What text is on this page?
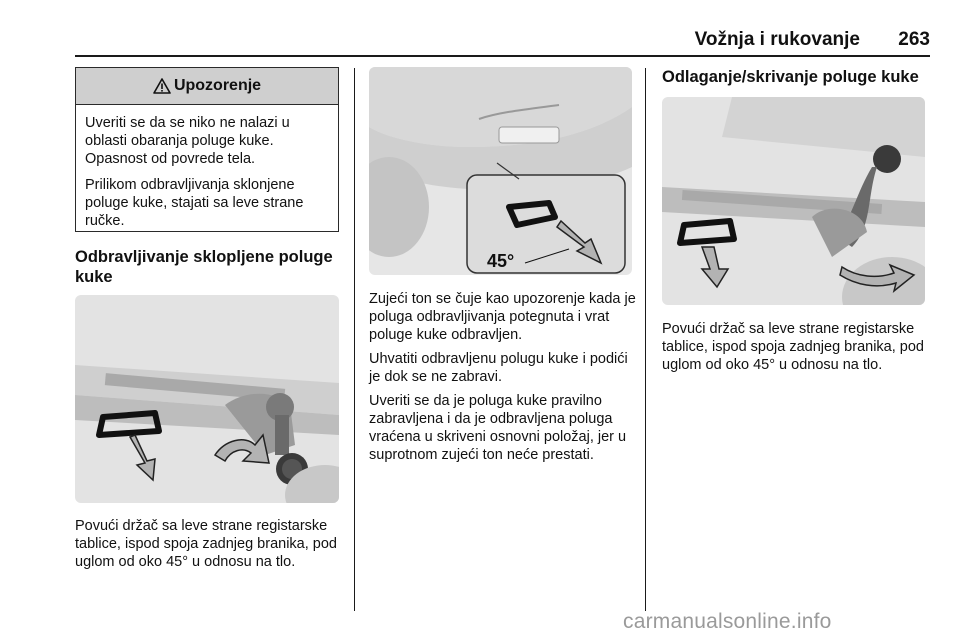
Vožnja i rukovanje	263
Upozorenje

Uveriti se da se niko ne nalazi u oblasti obaranja poluge kuke. Opasnost od povrede tela.

Prilikom odbravljivanja sklonjene poluge kuke, stajati sa leve strane ručke.

Odbravljivanje sklopljene poluge kuke
Povući držač sa leve strane registarske tablice, ispod spoja zadnjeg branika, pod uglom od oko 45° u odnosu na tlo.
45°

Zujeći ton se čuje kao upozorenje kada je poluga odbravljivanja potegnuta i vrat poluge kuke odbravljen.

Uhvatiti odbravljenu polugu kuke i podići je dok se ne zabravi.

Uveriti se da je poluga kuke pravilno zabravljena i da je odbravljena poluga vraćena u skriveni osnovni položaj, jer u suprotnom zujeći ton neće prestati.

Odlaganje/skrivanje poluge kuke
Povući držač sa leve strane registarske tablice, ispod spoja zadnjeg branika, pod uglom od oko 45° u odnosu na tlo.
carmanualsonline.info
